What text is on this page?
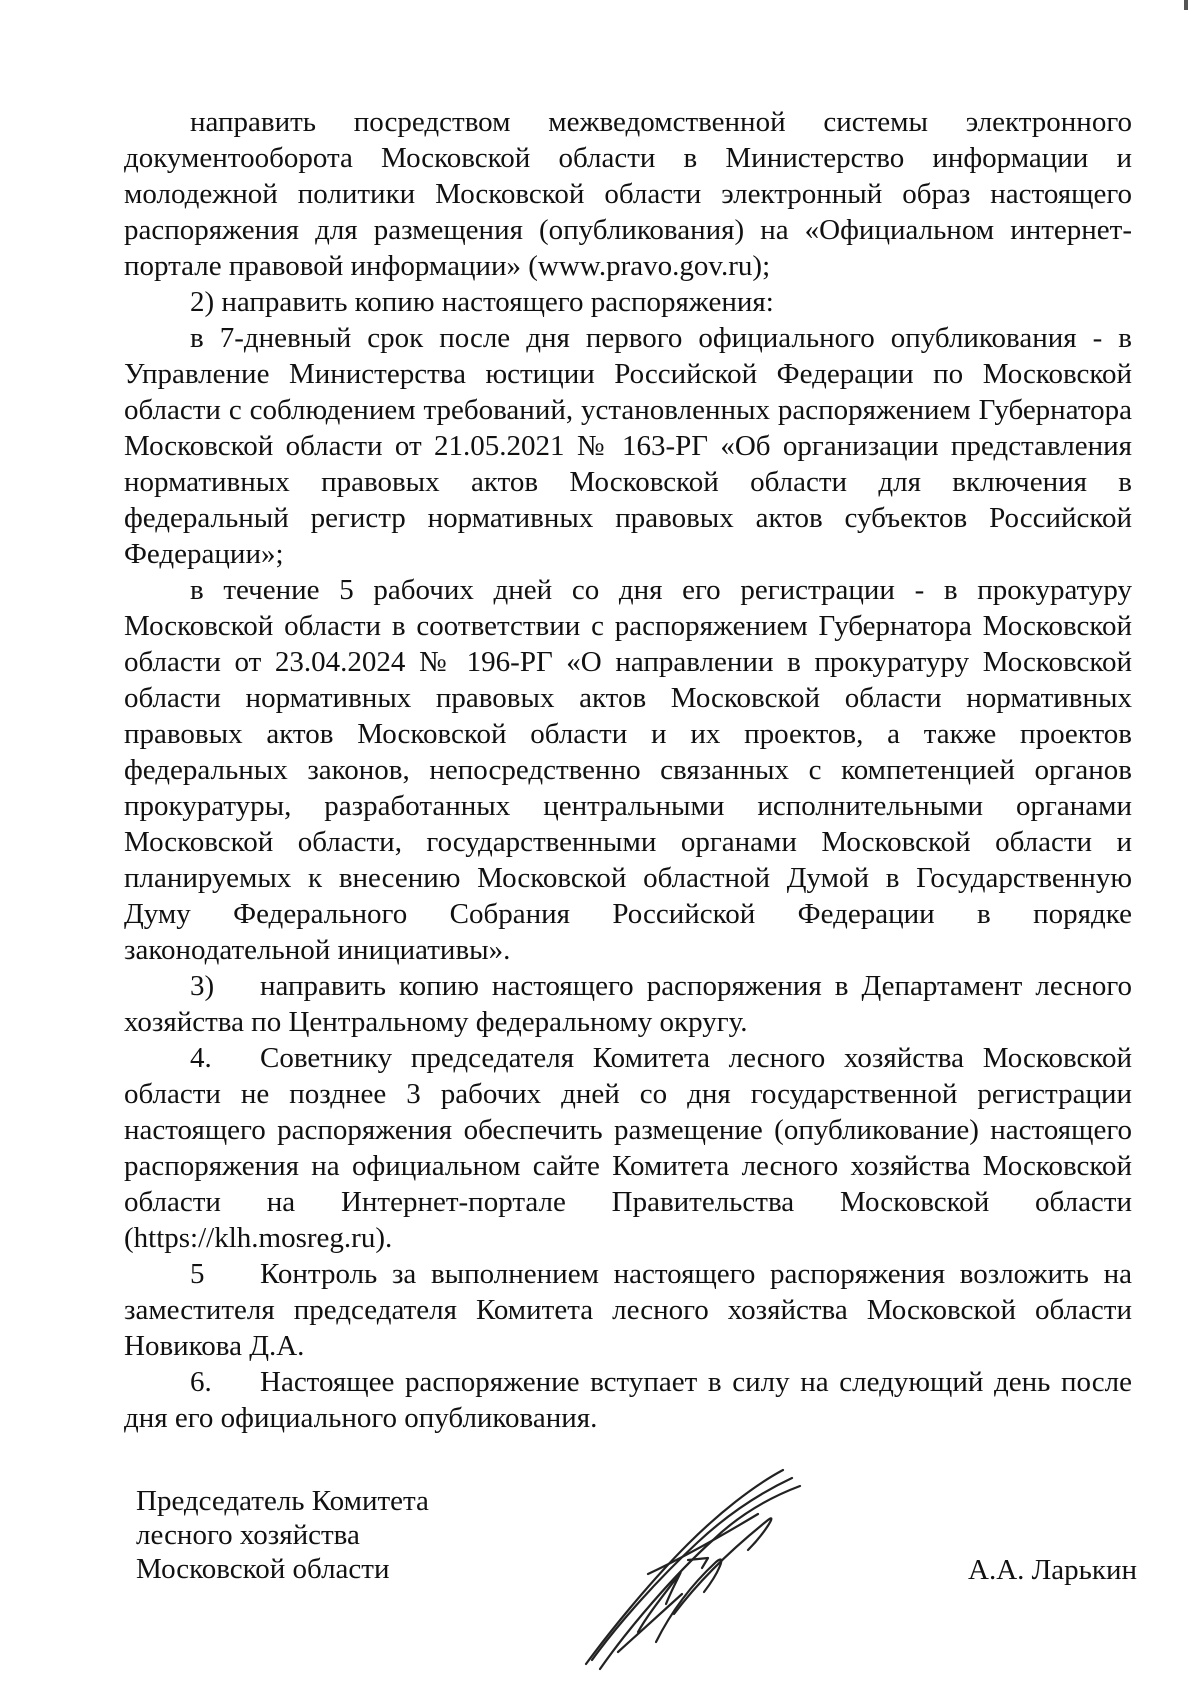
направить посредством межведомственной системы электронного документооборота Московской области в Министерство информации и молодежной политики Московской области электронный образ настоящего распоряжения для размещения (опубликования) на «Официальном интернет-портале правовой информации» (www.pravo.gov.ru);

2) направить копию настоящего распоряжения:

в 7-дневный срок после дня первого официального опубликования - в Управление Министерства юстиции Российской Федерации по Московской области с соблюдением требований, установленных распоряжением Губернатора Московской области от 21.05.2021 № 163-РГ «Об организации представления нормативных правовых актов Московской области для включения в федеральный регистр нормативных правовых актов субъектов Российской Федерации»;

в течение 5 рабочих дней со дня его регистрации - в прокуратуру Московской области в соответствии с распоряжением Губернатора Московской области от 23.04.2024 № 196-РГ «О направлении в прокуратуру Московской области нормативных правовых актов Московской области нормативных правовых актов Московской области и их проектов, а также проектов федеральных законов, непосредственно связанных с компетенцией органов прокуратуры, разработанных центральными исполнительными органами Московской области, государственными органами Московской области и планируемых к внесению Московской областной Думой в Государственную Думу Федерального Собрания Российской Федерации в порядке законодательной инициативы».

3) направить копию настоящего распоряжения в Департамент лесного хозяйства по Центральному федеральному округу.

4. Советнику председателя Комитета лесного хозяйства Московской области не позднее 3 рабочих дней со дня государственной регистрации настоящего распоряжения обеспечить размещение (опубликование) настоящего распоряжения на официальном сайте Комитета лесного хозяйства Московской области на Интернет-портале Правительства Московской области (https://klh.mosreg.ru).

5 Контроль за выполнением настоящего распоряжения возложить на заместителя председателя Комитета лесного хозяйства Московской области Новикова Д.А.

6. Настоящее распоряжение вступает в силу на следующий день после дня его официального опубликования.

Председатель Комитета
лесного хозяйства
Московской области	А.А. Ларькин
